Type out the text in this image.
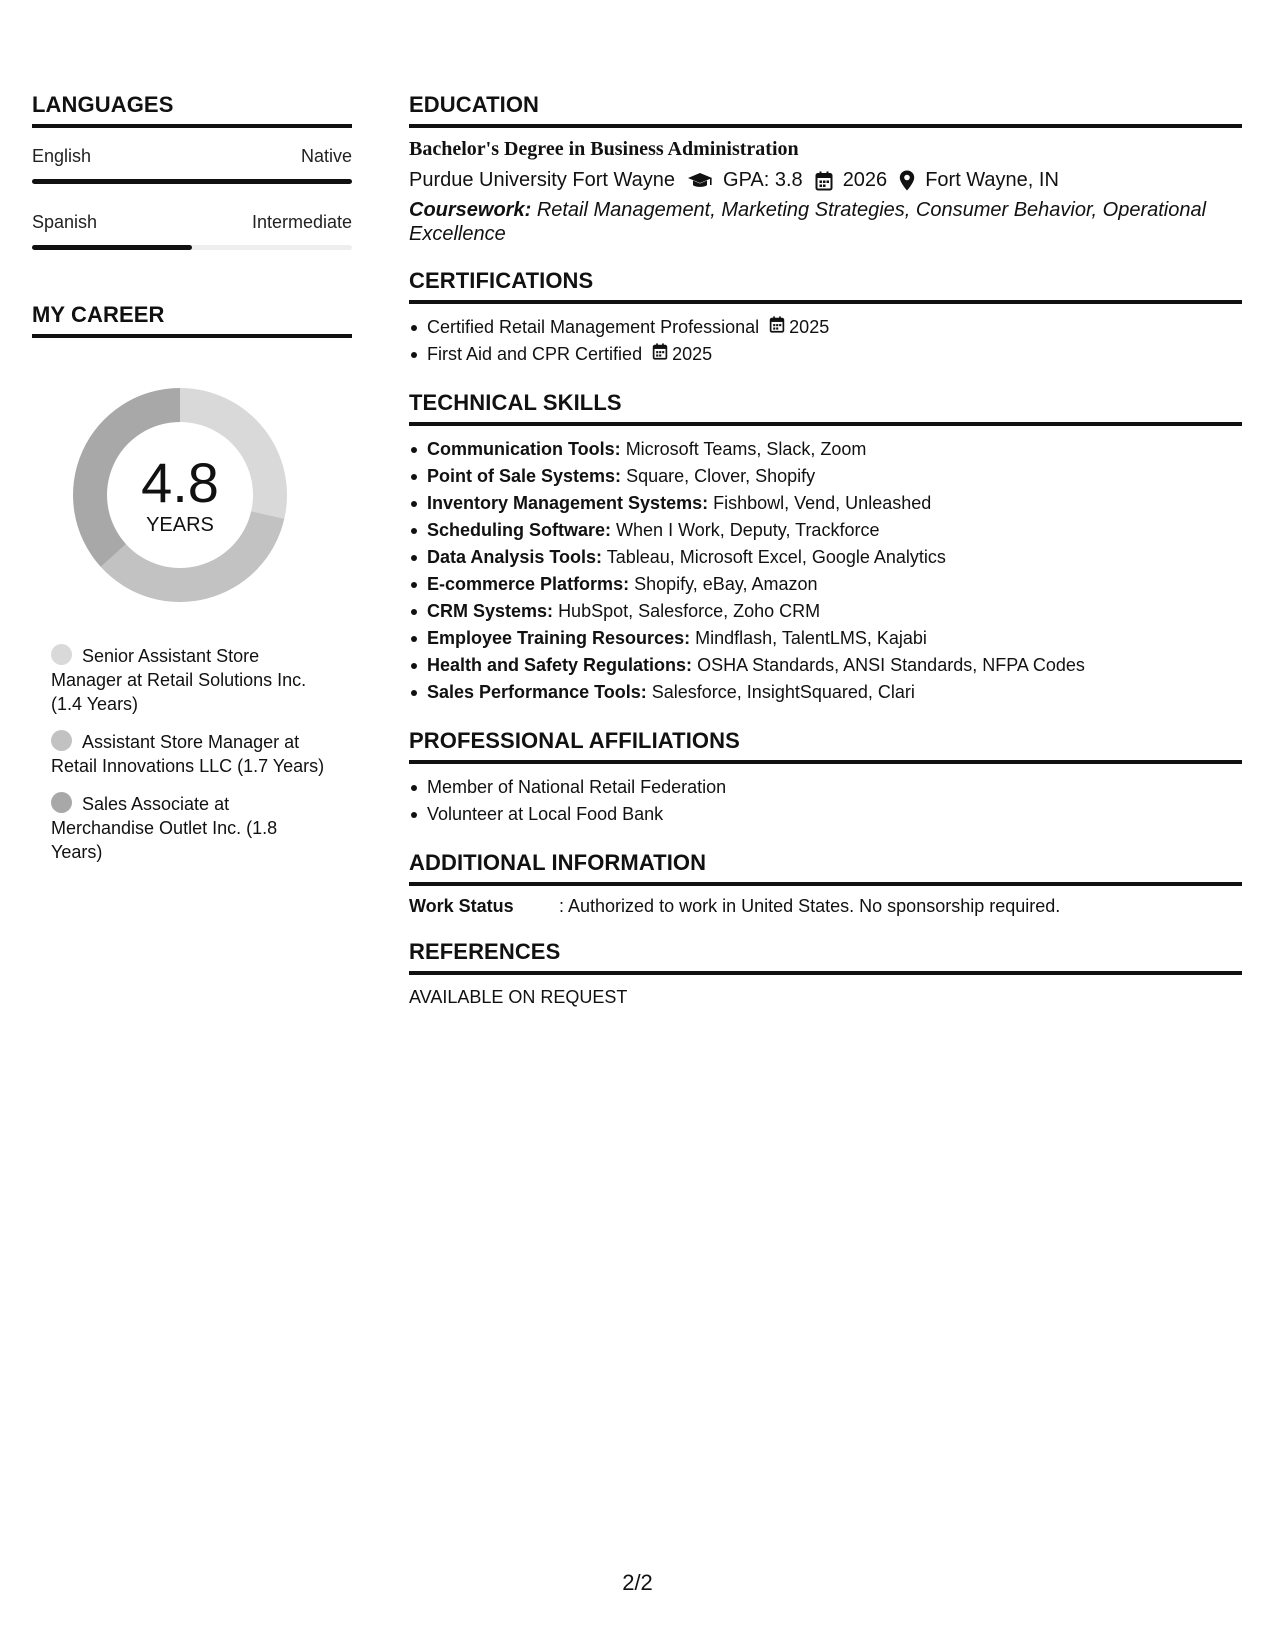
LANGUAGES
English	Native
Spanish	Intermediate
MY CAREER
4.8
YEARS
Senior Assistant Store Manager at Retail Solutions Inc. (1.4 Years)
Assistant Store Manager at Retail Innovations LLC (1.7 Years)
Sales Associate at Merchandise Outlet Inc. (1.8 Years)
EDUCATION
Bachelor's Degree in Business Administration
Purdue University Fort Wayne GPA: 3.8 2026 Fort Wayne, IN
Coursework: Retail Management, Marketing Strategies, Consumer Behavior, Operational Excellence
CERTIFICATIONS
Certified Retail Management Professional 2025
First Aid and CPR Certified 2025
TECHNICAL SKILLS
Communication Tools: Microsoft Teams, Slack, Zoom
Point of Sale Systems: Square, Clover, Shopify
Inventory Management Systems: Fishbowl, Vend, Unleashed
Scheduling Software: When I Work, Deputy, Trackforce
Data Analysis Tools: Tableau, Microsoft Excel, Google Analytics
E-commerce Platforms: Shopify, eBay, Amazon
CRM Systems: HubSpot, Salesforce, Zoho CRM
Employee Training Resources: Mindflash, TalentLMS, Kajabi
Health and Safety Regulations: OSHA Standards, ANSI Standards, NFPA Codes
Sales Performance Tools: Salesforce, InsightSquared, Clari
PROFESSIONAL AFFILIATIONS
Member of National Retail Federation
Volunteer at Local Food Bank
ADDITIONAL INFORMATION
Work Status	: Authorized to work in United States. No sponsorship required.
REFERENCES
AVAILABLE ON REQUEST
2/2
